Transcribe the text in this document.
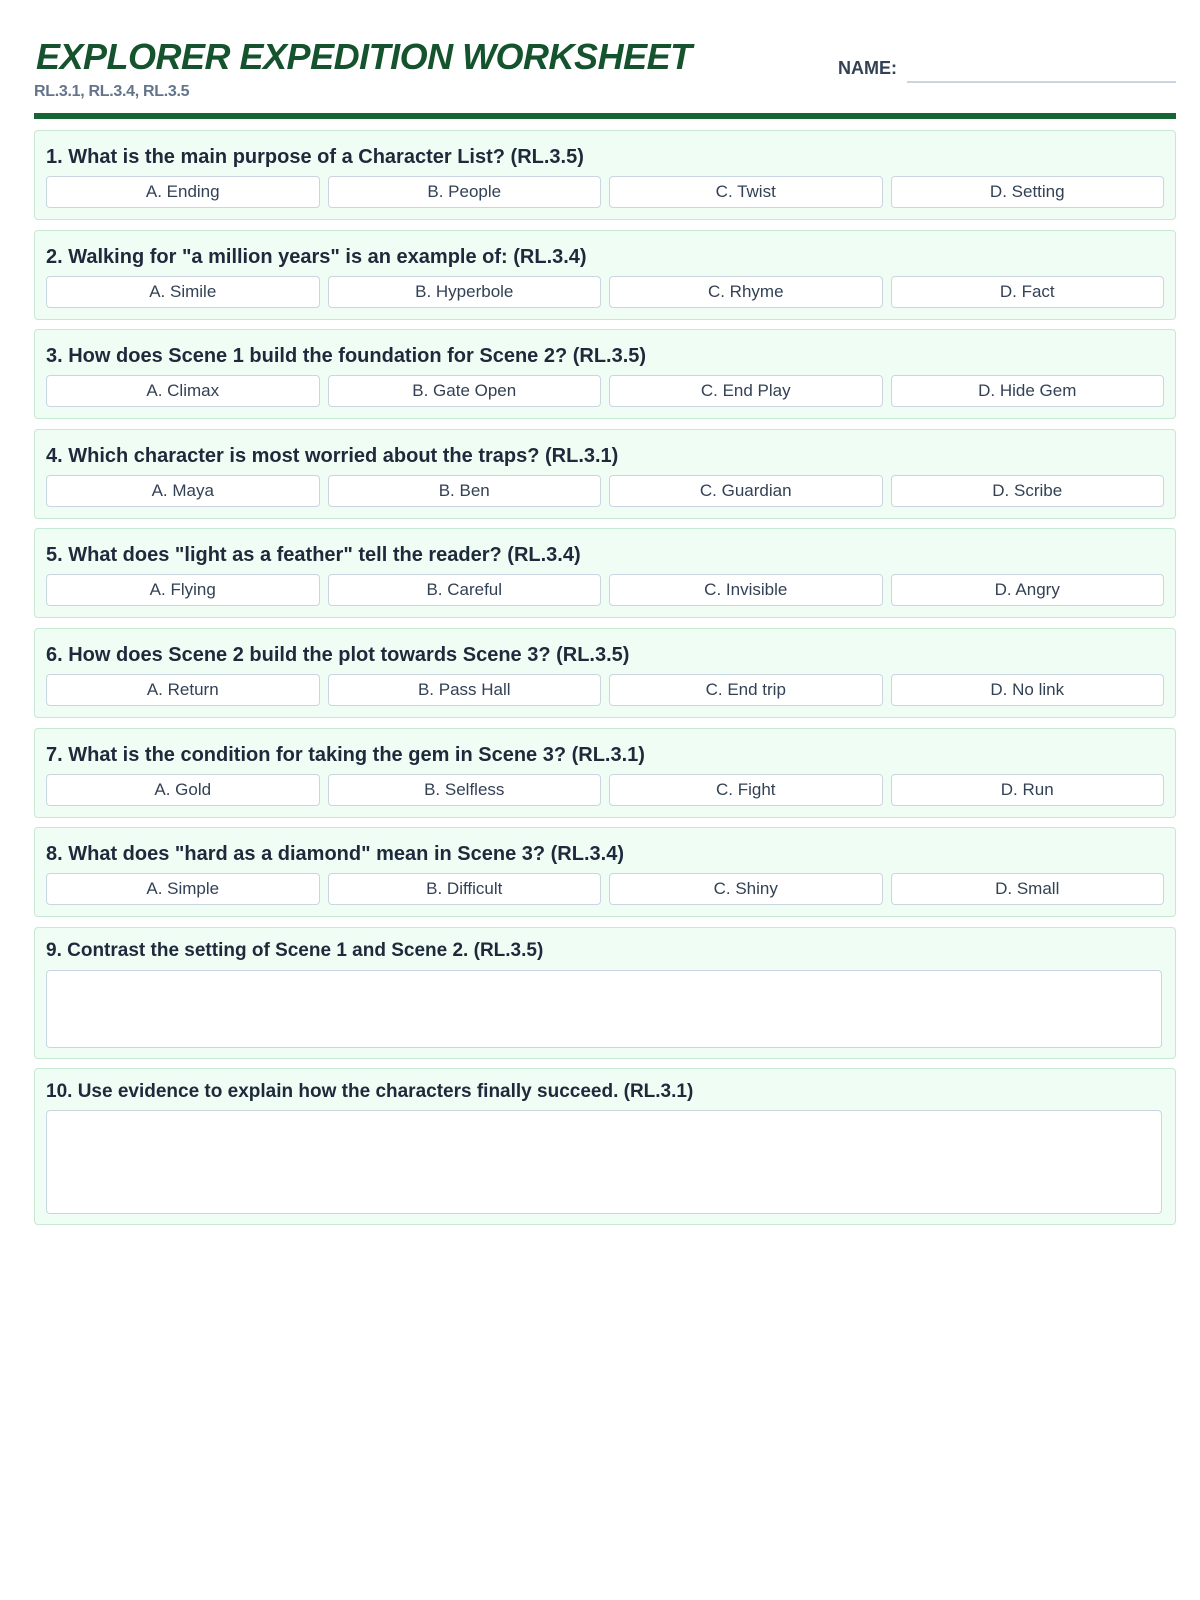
EXPLORER EXPEDITION WORKSHEET
RL.3.1, RL.3.4, RL.3.5
NAME:
1. What is the main purpose of a Character List? (RL.3.5)
A. Ending	B. People	C. Twist	D. Setting
2. Walking for "a million years" is an example of: (RL.3.4)
A. Simile	B. Hyperbole	C. Rhyme	D. Fact
3. How does Scene 1 build the foundation for Scene 2? (RL.3.5)
A. Climax	B. Gate Open	C. End Play	D. Hide Gem
4. Which character is most worried about the traps? (RL.3.1)
A. Maya	B. Ben	C. Guardian	D. Scribe
5. What does "light as a feather" tell the reader? (RL.3.4)
A. Flying	B. Careful	C. Invisible	D. Angry
6. How does Scene 2 build the plot towards Scene 3? (RL.3.5)
A. Return	B. Pass Hall	C. End trip	D. No link
7. What is the condition for taking the gem in Scene 3? (RL.3.1)
A. Gold	B. Selfless	C. Fight	D. Run
8. What does "hard as a diamond" mean in Scene 3? (RL.3.4)
A. Simple	B. Difficult	C. Shiny	D. Small
9. Contrast the setting of Scene 1 and Scene 2. (RL.3.5)
10. Use evidence to explain how the characters finally succeed. (RL.3.1)
